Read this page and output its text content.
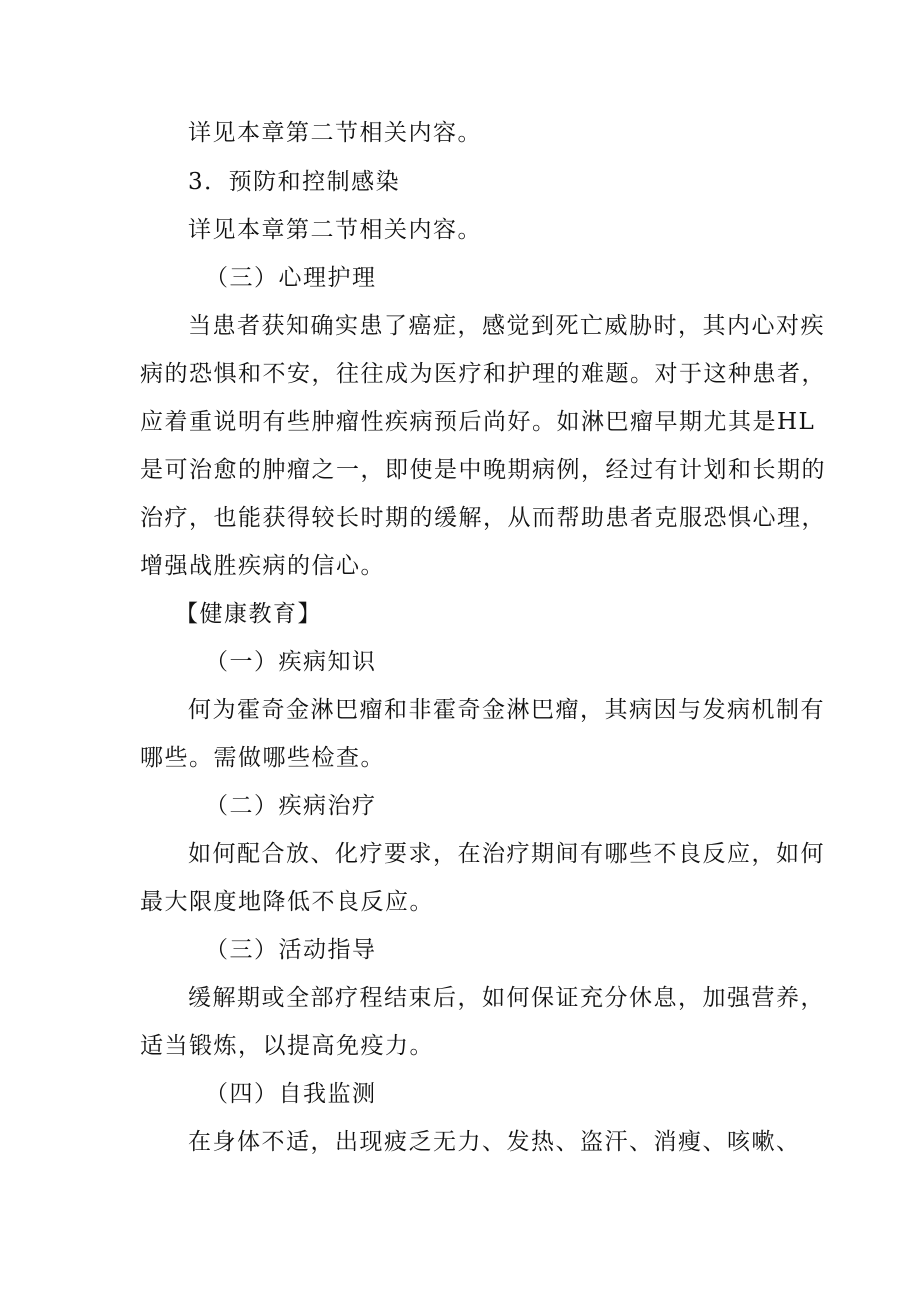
详见本章第二节相关内容。
3．预防和控制感染
详见本章第二节相关内容。
（三）心理护理
当患者获知确实患了癌症，感觉到死亡威胁时，其内心对疾
病的恐惧和不安，往往成为医疗和护理的难题。对于这种患者，
应着重说明有些肿瘤性疾病预后尚好。如淋巴瘤早期尤其是HL
是可治愈的肿瘤之一，即使是中晚期病例，经过有计划和长期的
治疗，也能获得较长时期的缓解，从而帮助患者克服恐惧心理，
增强战胜疾病的信心。
【健康教育】
（一）疾病知识
何为霍奇金淋巴瘤和非霍奇金淋巴瘤，其病因与发病机制有
哪些。需做哪些检查。
（二）疾病治疗
如何配合放、化疗要求，在治疗期间有哪些不良反应，如何
最大限度地降低不良反应。
（三）活动指导
缓解期或全部疗程结束后，如何保证充分休息，加强营养，
适当锻炼，以提高免疫力。
（四）自我监测
在身体不适，出现疲乏无力、发热、盗汗、消瘦、咳嗽、
